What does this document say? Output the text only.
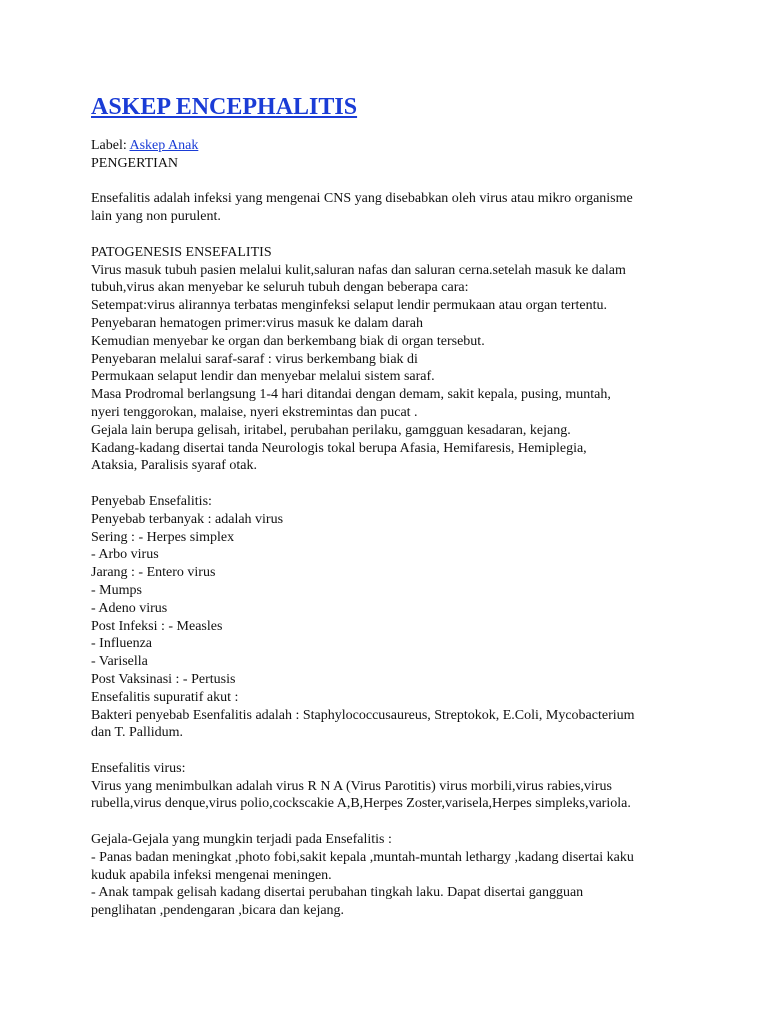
ASKEP ENCEPHALITIS
Label: Askep Anak
PENGERTIAN
Ensefalitis adalah infeksi yang mengenai CNS yang disebabkan oleh virus atau mikro organisme
lain yang non purulent.
PATOGENESIS ENSEFALITIS
Virus masuk tubuh pasien melalui kulit,saluran nafas dan saluran cerna.setelah masuk ke dalam
tubuh,virus akan menyebar ke seluruh tubuh dengan beberapa cara:
Setempat:virus alirannya terbatas menginfeksi selaput lendir permukaan atau organ tertentu.
Penyebaran hematogen primer:virus masuk ke dalam darah
Kemudian menyebar ke organ dan berkembang biak di organ tersebut.
Penyebaran melalui saraf-saraf : virus berkembang biak di
Permukaan selaput lendir dan menyebar melalui sistem saraf.
Masa Prodromal berlangsung 1-4 hari ditandai dengan demam, sakit kepala, pusing, muntah,
nyeri tenggorokan, malaise, nyeri ekstremintas dan pucat .
Gejala lain berupa gelisah, iritabel, perubahan perilaku, gamgguan kesadaran, kejang.
Kadang-kadang disertai tanda Neurologis tokal berupa Afasia, Hemifaresis, Hemiplegia,
Ataksia, Paralisis syaraf otak.
Penyebab Ensefalitis:
Penyebab terbanyak : adalah virus
Sering : - Herpes simplex
- Arbo virus
Jarang : - Entero virus
- Mumps
- Adeno virus
Post Infeksi : - Measles
- Influenza
- Varisella
Post Vaksinasi : - Pertusis
Ensefalitis supuratif akut :
Bakteri penyebab Esenfalitis adalah : Staphylococcusaureus, Streptokok, E.Coli, Mycobacterium
dan T. Pallidum.
Ensefalitis virus:
Virus yang menimbulkan adalah virus R N A (Virus Parotitis) virus morbili,virus rabies,virus
rubella,virus denque,virus polio,cockscakie A,B,Herpes Zoster,varisela,Herpes simpleks,variola.
Gejala-Gejala yang mungkin terjadi pada Ensefalitis :
- Panas badan meningkat ,photo fobi,sakit kepala ,muntah-muntah lethargy ,kadang disertai kaku
kuduk apabila infeksi mengenai meningen.
- Anak tampak gelisah kadang disertai perubahan tingkah laku. Dapat disertai gangguan
penglihatan ,pendengaran ,bicara dan kejang.
